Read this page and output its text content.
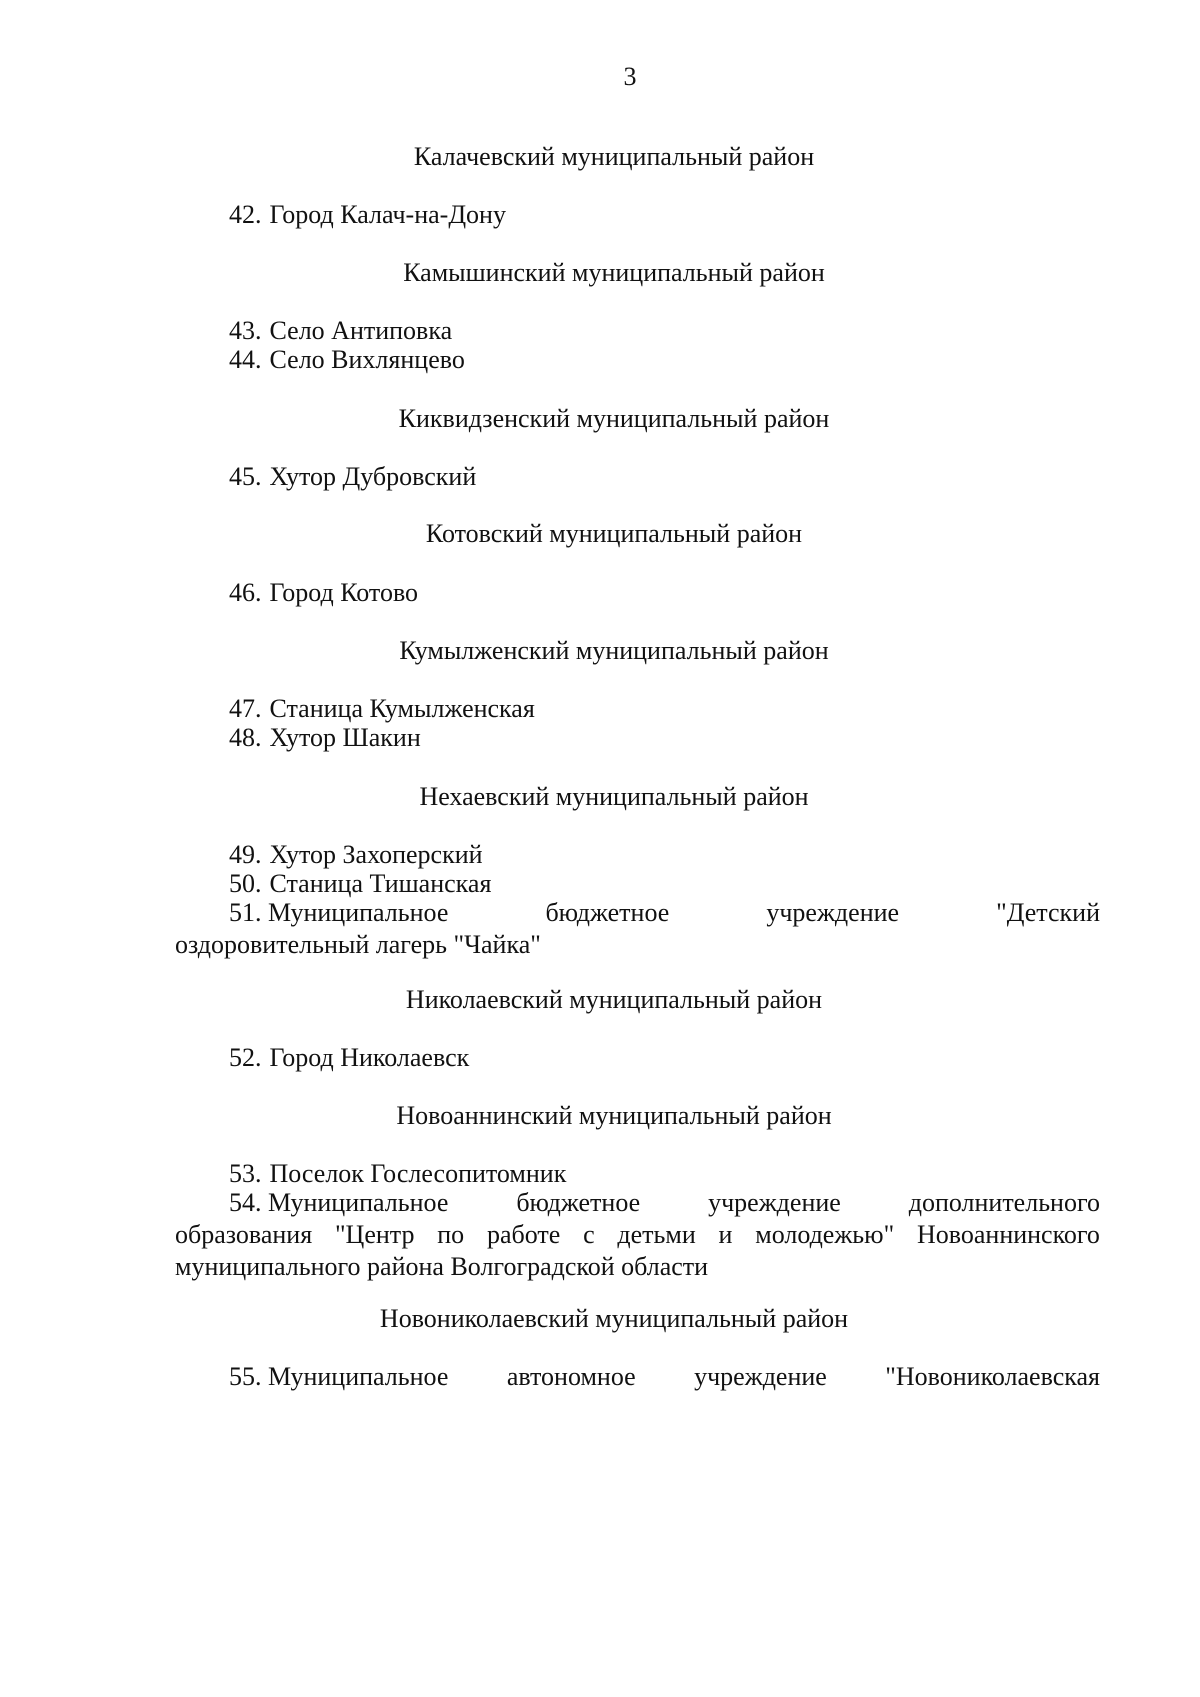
3
Калачевский муниципальный район
42. Город Калач-на-Дону
Камышинский муниципальный район
43. Село Антиповка
44. Село Вихлянцево
Киквидзенский муниципальный район
45. Хутор Дубровский
Котовский муниципальный район
46. Город Котово
Кумылженский муниципальный район
47. Станица Кумылженская
48. Хутор Шакин
Нехаевский муниципальный район
49. Хутор Захоперский
50. Станица Тишанская
51. Муниципальное	бюджетное	учреждение	"Детский
оздоровительный лагерь "Чайка"
Николаевский муниципальный район
52. Город Николаевск
Новоаннинский муниципальный район
53. Поселок Гослесопитомник
54. Муниципальное	бюджетное	учреждение	дополнительного
образования "Центр по работе с детьми и молодежью" Новоаннинского
муниципального района Волгоградской области
Новониколаевский муниципальный район
55. Муниципальное автономное учреждение "Новониколаевская
